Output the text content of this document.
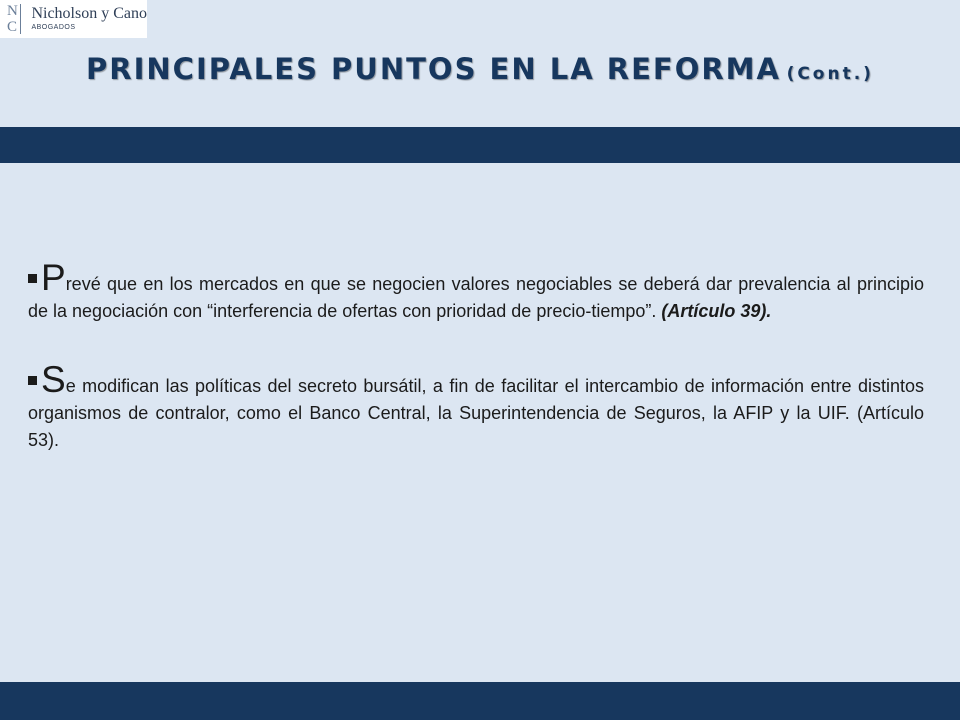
N
C
Nicholson y Cano
ABOGADOS
PRINCIPALES PUNTOS EN LA REFORMA (Cont.)

Prevé que en los mercados en que se negocien valores negociables se deberá dar prevalencia al principio de la negociación con “interferencia de ofertas con prioridad de precio-tiempo”. (Artículo 39).

Se modifican las políticas del secreto bursátil, a fin de facilitar el intercambio de información entre distintos organismos de contralor, como el Banco Central, la Superintendencia de Seguros, la AFIP y la UIF. (Artículo 53).
